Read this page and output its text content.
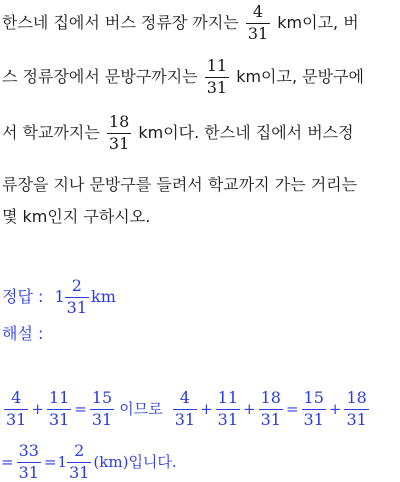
한스네 집에서 버스 정류장 까지는 $\frac{4}{31}$ km이고, 버
스 정류장에서 문방구까지는 $\frac{11}{31}$ km이고, 문방구에
서 학교까지는 $\frac{18}{31}$ km이다. 한스네 집에서 버스정
류장을 지나 문방구를 들려서 학교까지 가는 거리는
몇 km인지 구하시오.
정답 : $1 \frac{2}{31}$ km
해설 :
$\frac{4}{31} + \frac{11}{31} = \frac{15}{31}$ 이므로 $\frac{4}{31} + \frac{11}{31} + \frac{18}{31} = \frac{15}{31} + \frac{18}{31}$
= $\frac{33}{31} =1 \frac{2}{31} (km)$입니다.
